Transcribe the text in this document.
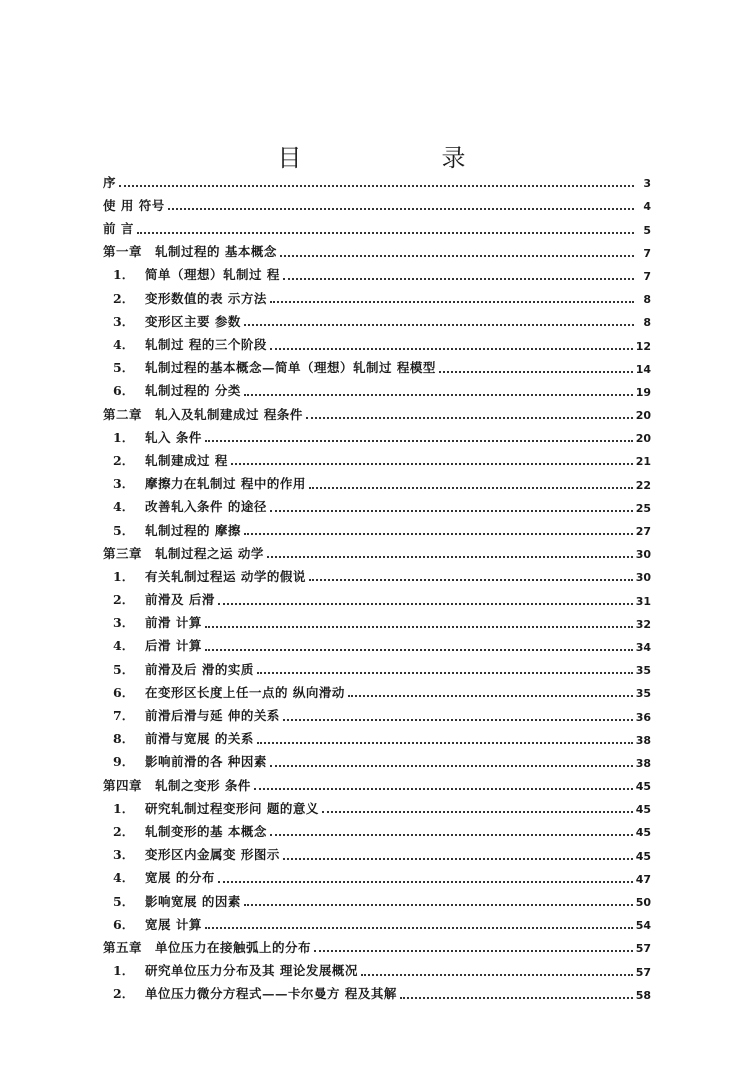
目　录
序	3
使 用 符号	4
前 言	5
第一章　轧制过程的 基本概念	7
1． 简单（理想）轧制过 程	7
2． 变形数值的表 示方法	8
3． 变形区主要 参数	8
4． 轧制过 程的三个阶段	12
5． 轧制过程的基本概念—简单（理想）轧制过 程模型	14
6． 轧制过程的 分类	19
第二章　轧入及轧制建成过 程条件	20
1． 轧入 条件	20
2． 轧制建成过 程	21
3． 摩擦力在轧制过 程中的作用	22
4． 改善轧入条件 的途径	25
5． 轧制过程的 摩擦	27
第三章　轧制过程之运 动学	30
1． 有关轧制过程运 动学的假说	30
2． 前滑及 后滑	31
3． 前滑 计算	32
4． 后滑 计算	34
5． 前滑及后 滑的实质	35
6． 在变形区长度上任一点的 纵向滑动	35
7． 前滑后滑与延 伸的关系	36
8． 前滑与宽展 的关系	38
9． 影响前滑的各 种因素	38
第四章　轧制之变形 条件	45
1． 研究轧制过程变形问 题的意义	45
2． 轧制变形的基 本概念	45
3． 变形区内金属变 形图示	45
4． 宽展 的分布	47
5． 影响宽展 的因素	50
6． 宽展 计算	54
第五章　单位压力在接触弧上的分布	57
1． 研究单位压力分布及其 理论发展概况	57
2． 单位压力微分方程式——卡尔曼方 程及其解	58
